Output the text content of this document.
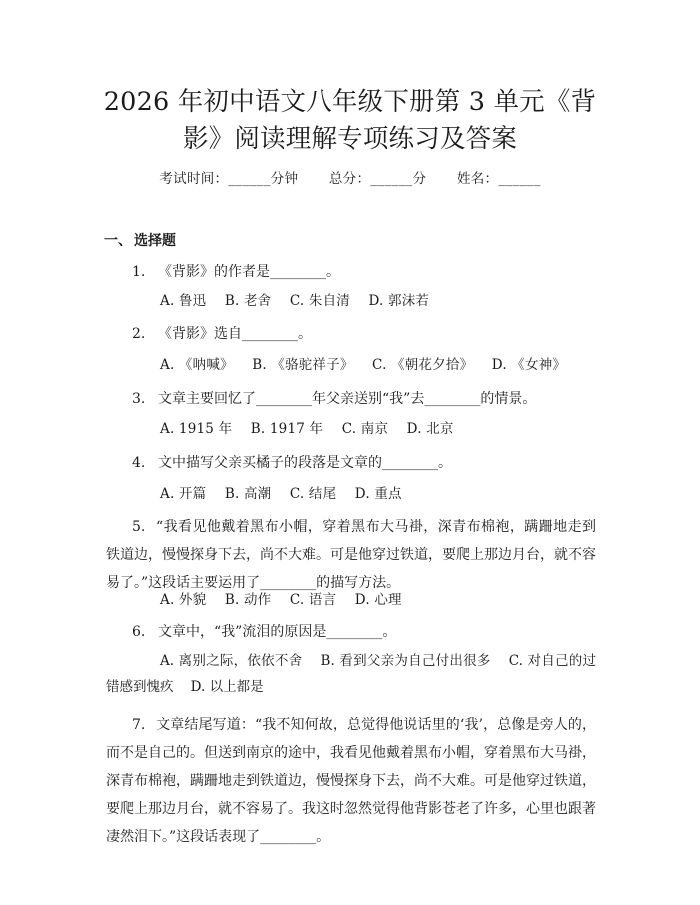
2026 年初中语文八年级下册第 3 单元《背影》阅读理解专项练习及答案
考试时间：______分钟 总分：______分 姓名：______
一、 选择题
1. 《背影》的作者是________。
A. 鲁迅 B. 老舍 C. 朱自清 D. 郭沫若
2. 《背影》选自________。
A. 《呐喊》 B. 《骆驼祥子》 C. 《朝花夕拾》 D. 《女神》
3. 文章主要回忆了________年父亲送别“我”去________的情景。
A. 1915 年 B. 1917 年 C. 南京 D. 北京
4. 文中描写父亲买橘子的段落是文章的________。
A. 开篇 B. 高潮 C. 结尾 D. 重点
5. “我看见他戴着黑布小帽，穿着黑布大马褂，深青布棉袍，蹒跚地走到铁道边，慢慢探身下去，尚不大难。可是他穿过铁道，要爬上那边月台，就不容易了。”这段话主要运用了________的描写方法。
A. 外貌 B. 动作 C. 语言 D. 心理
6. 文章中，“我”流泪的原因是________。
A. 离别之际，依依不舍    B. 看到父亲为自己付出很多    C. 对自己的过错感到愧疚    D. 以上都是
7. 文章结尾写道：“我不知何故，总觉得他说话里的‘我’，总像是旁人的，而不是自己的。但送到南京的途中，我看见他戴着黑布小帽，穿着黑布大马褂，深青布棉袍，蹒跚地走到铁道边，慢慢探身下去，尚不大难。可是他穿过铁道，要爬上那边月台，就不容易了。我这时忽然觉得他背影苍老了许多，心里也跟著凄然泪下。”这段话表现了________。
